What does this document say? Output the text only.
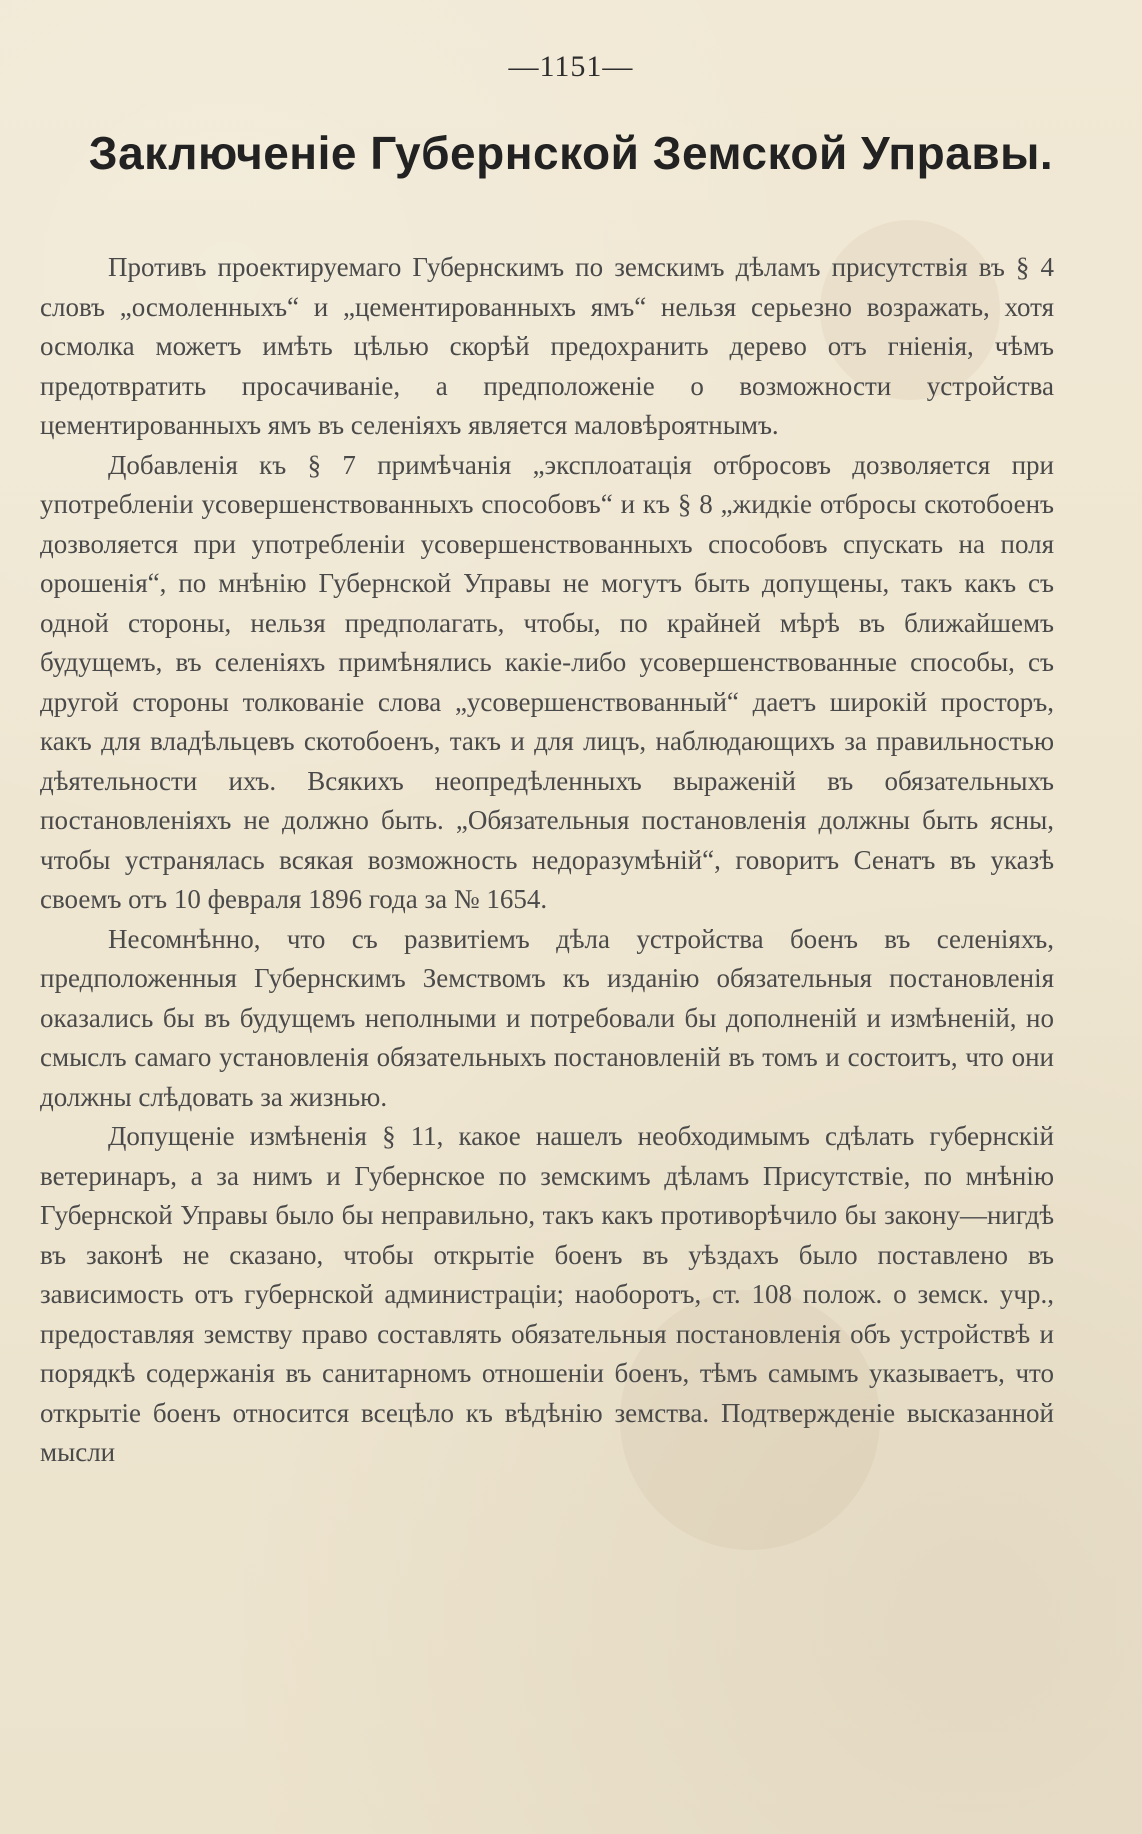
—1151—
Заключеніе Губернской Земской Управы.

Противъ проектируемаго Губернскимъ по земскимъ дѣламъ присутствія въ § 4 словъ „осмоленныхъ“ и „цементированныхъ ямъ“ нельзя серьезно возражать, хотя осмолка можетъ имѣть цѣлью скорѣй предохранить дерево отъ гніенія, чѣмъ предотвратить просачиваніе, а предположеніе о возможности устройства цементированныхъ ямъ въ селеніяхъ является маловѣроятнымъ.

Добавленія къ § 7 примѣчанія „эксплоатація отбросовъ дозволяется при употребленіи усовершенствованныхъ способовъ“ и къ § 8 „жидкіе отбросы скотобоенъ дозволяется при употребленіи усовершенствованныхъ способовъ спускать на поля орошенія“, по мнѣнію Губернской Управы не могутъ быть допущены, такъ какъ съ одной стороны, нельзя предполагать, чтобы, по крайней мѣрѣ въ ближайшемъ будущемъ, въ селеніяхъ примѣнялись какіе-либо усовершенствованные способы, съ другой стороны толкованіе слова „усовершенствованный“ даетъ широкій просторъ, какъ для владѣльцевъ скотобоенъ, такъ и для лицъ, наблюдающихъ за правильностью дѣятельности ихъ. Всякихъ неопредѣленныхъ выраженій въ обязательныхъ постановленіяхъ не должно быть. „Обязательныя постановленія должны быть ясны, чтобы устранялась всякая возможность недоразумѣній“, говоритъ Сенатъ въ указѣ своемъ отъ 10 февраля 1896 года за № 1654.

Несомнѣнно, что съ развитіемъ дѣла устройства боенъ въ селеніяхъ, предположенныя Губернскимъ Земствомъ къ изданію обязательныя постановленія оказались бы въ будущемъ неполными и потребовали бы дополненій и измѣненій, но смыслъ самаго установленія обязательныхъ постановленій въ томъ и состоитъ, что они должны слѣдовать за жизнью.

Допущеніе измѣненія § 11, какое нашелъ необходимымъ сдѣлать губернскій ветеринаръ, а за нимъ и Губернское по земскимъ дѣламъ Присутствіе, по мнѣнію Губернской Управы было бы неправильно, такъ какъ противорѣчило бы закону—нигдѣ въ законѣ не сказано, чтобы открытіе боенъ въ уѣздахъ было поставлено въ зависимость отъ губернской администраціи; наоборотъ, ст. 108 полож. о земск. учр., предоставляя земству право составлять обязательныя постановленія объ устройствѣ и порядкѣ содержанія въ санитарномъ отношеніи боенъ, тѣмъ самымъ указываетъ, что открытіе боенъ относится всецѣло къ вѣдѣнію земства. Подтвержденіе высказанной мысли
